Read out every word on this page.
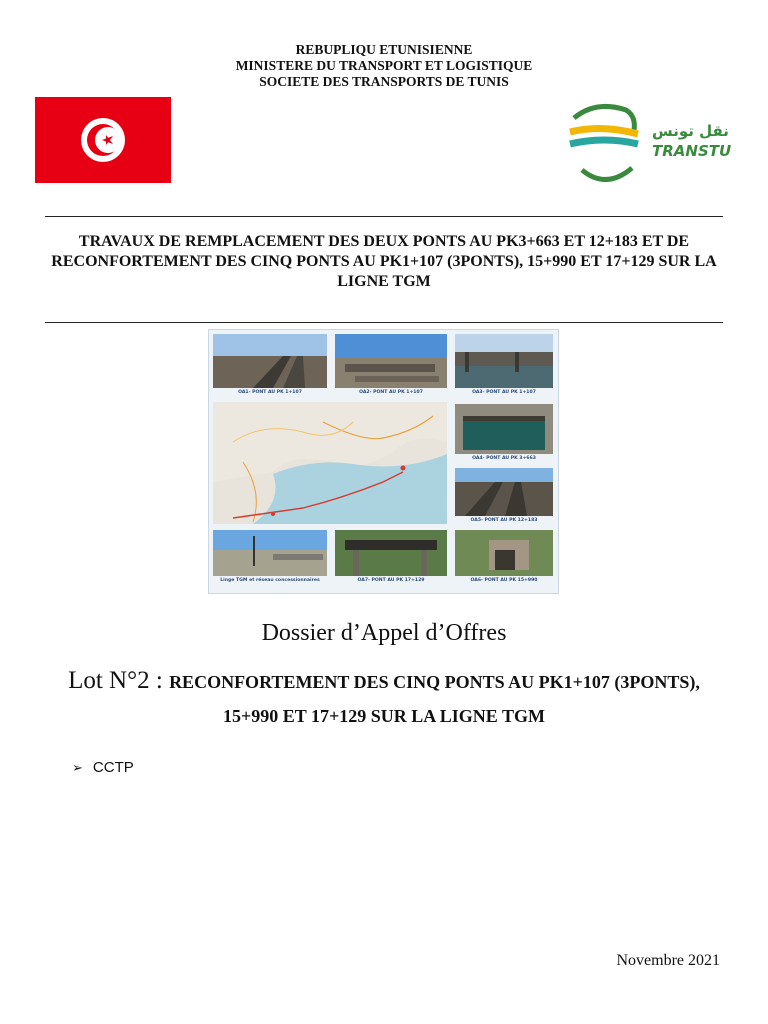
REBUPLIQU ETUNISIENNE
MINISTERE DU TRANSPORT ET LOGISTIQUE
SOCIETE DES TRANSPORTS DE TUNIS
نقل تونس
TRANSTU
TRAVAUX DE REMPLACEMENT DES DEUX PONTS AU PK3+663 ET 12+183 ET DE RECONFORTEMENT DES CINQ PONTS AU PK1+107 (3PONTS), 15+990 ET 17+129 SUR LA LIGNE TGM
OA1- PONT AU PK 1+107	OA2- PONT AU PK 1+107	OA3- PONT AU PK 1+107
OA4- PONT AU PK 3+663
OA5- PONT AU PK 12+183
Linge TGM et réseau concessionnaires	OA7- PONT AU PK 17+129	OA6- PONT AU PK 15+990
Dossier d’Appel d’Offres
Lot N°2 : RECONFORTEMENT DES CINQ PONTS AU PK1+107 (3PONTS), 15+990 ET 17+129 SUR LA LIGNE TGM
➢ CCTP
Novembre 2021
